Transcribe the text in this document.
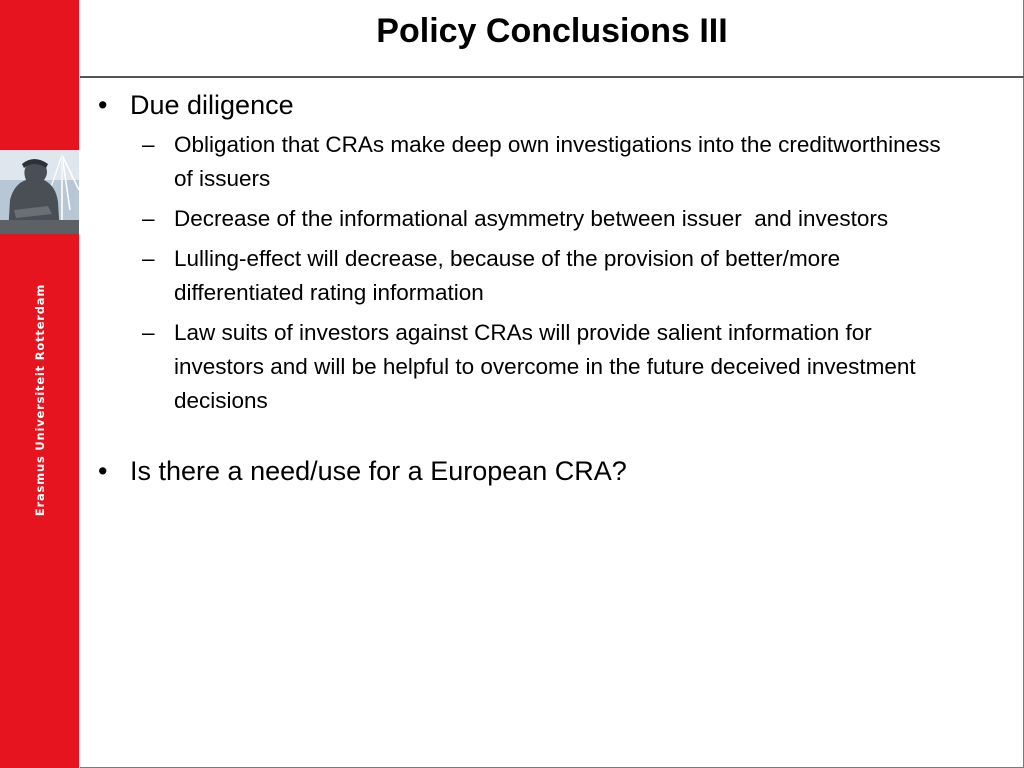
Erasmus Universiteit Rotterdam
Policy Conclusions III
• Due diligence
– Obligation that CRAs make deep own investigations into the creditworthiness of issuers
– Decrease of the informational asymmetry between issuer  and investors
– Lulling-effect will decrease, because of the provision of better/more differentiated rating information
– Law suits of investors against CRAs will provide salient information for investors and will be helpful to overcome in the future deceived investment decisions
• Is there a need/use for a European CRA?
